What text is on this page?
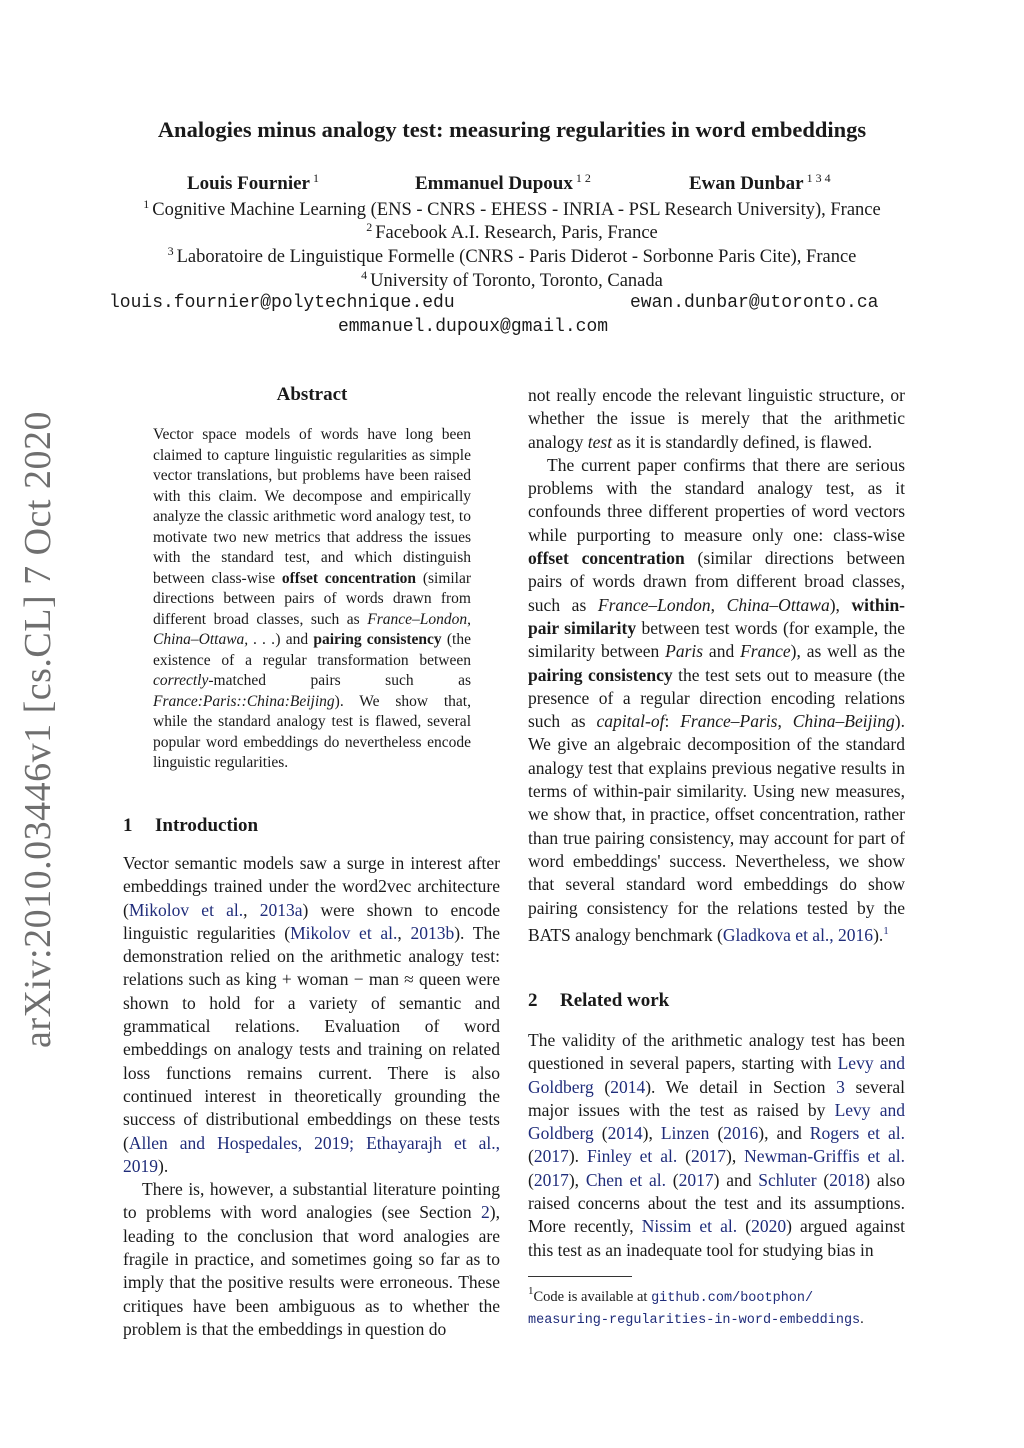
arXiv:2010.03446v1 [cs.CL] 7 Oct 2020
Analogies minus analogy test: measuring regularities in word embeddings
Louis Fournier $^1$	Emmanuel Dupoux $^{1 2}$	Ewan Dunbar $^{1 3 4}$
$^1$ Cognitive Machine Learning (ENS - CNRS - EHESS - INRIA - PSL Research University), France
$^2$ Facebook A.I. Research, Paris, France
$^3$ Laboratoire de Linguistique Formelle (CNRS - Paris Diderot - Sorbonne Paris Cite), France
$^4$ University of Toronto, Toronto, Canada
louis.fournier@polytechnique.edu	ewan.dunbar@utoronto.ca
emmanuel.dupoux@gmail.com
Abstract
Vector space models of words have long been claimed to capture linguistic regularities as simple vector translations, but problems have been raised with this claim. We decompose and empirically analyze the classic arithmetic word analogy test, to motivate two new metrics that address the issues with the standard test, and which distinguish between class-wise offset concentration (similar directions between pairs of words drawn from different broad classes, such as France–London, China–Ottawa, . . .) and pairing consistency (the existence of a regular transformation between correctly-matched pairs such as France:Paris::China:Beijing). We show that, while the standard analogy test is flawed, several popular word embeddings do nevertheless encode linguistic regularities.
1 Introduction

Vector semantic models saw a surge in interest after embeddings trained under the word2vec architecture (Mikolov et al., 2013a) were shown to encode linguistic regularities (Mikolov et al., 2013b). The demonstration relied on the arithmetic analogy test: relations such as king + woman − man ≈ queen were shown to hold for a variety of semantic and grammatical relations. Evaluation of word embeddings on analogy tests and training on related loss functions remains current. There is also continued interest in theoretically grounding the success of distributional embeddings on these tests (Allen and Hospedales, 2019; Ethayarajh et al., 2019).

There is, however, a substantial literature pointing to problems with word analogies (see Section 2), leading to the conclusion that word analogies are fragile in practice, and sometimes going so far as to imply that the positive results were erroneous. These critiques have been ambiguous as to whether the problem is that the embeddings in question do

not really encode the relevant linguistic structure, or whether the issue is merely that the arithmetic analogy test as it is standardly defined, is flawed.

The current paper confirms that there are serious problems with the standard analogy test, as it confounds three different properties of word vectors while purporting to measure only one: class-wise offset concentration (similar directions between pairs of words drawn from different broad classes, such as France–London, China–Ottawa), within-pair similarity between test words (for example, the similarity between Paris and France), as well as the pairing consistency the test sets out to measure (the presence of a regular direction encoding relations such as capital-of: France–Paris, China–Beijing). We give an algebraic decomposition of the standard analogy test that explains previous negative results in terms of within-pair similarity. Using new measures, we show that, in practice, offset concentration, rather than true pairing consistency, may account for part of word embeddings' success. Nevertheless, we show that several standard word embeddings do show pairing consistency for the relations tested by the BATS analogy benchmark (Gladkova et al., 2016).$^1$

2 Related work

The validity of the arithmetic analogy test has been questioned in several papers, starting with Levy and Goldberg (2014). We detail in Section 3 several major issues with the test as raised by Levy and Goldberg (2014), Linzen (2016), and Rogers et al. (2017). Finley et al. (2017), Newman-Griffis et al. (2017), Chen et al. (2017) and Schluter (2018) also raised concerns about the test and its assumptions. More recently, Nissim et al. (2020) argued against this test as an inadequate tool for studying bias in

$^1$Code is available at github.com/bootphon/
measuring-regularities-in-word-embeddings.
